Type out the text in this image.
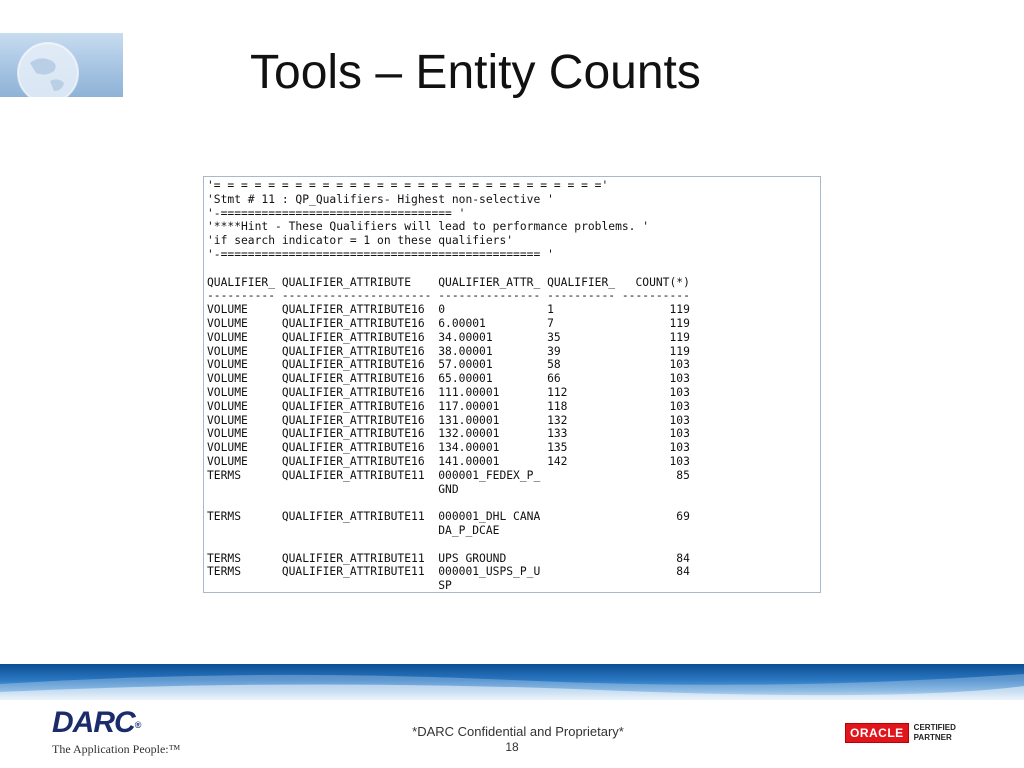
Tools – Entity Counts
'= = = = = = = = = = = = = = = = = = = = = = = = = = = = ='
'Stmt # 11 : QP_Qualifiers- Highest non-selective '
'-================================== '
'****Hint - These Qualifiers will lead to performance problems. '
'if search indicator = 1 on these qualifiers'
'-=============================================== '
QUALIFIER_ QUALIFIER_ATTRIBUTE    QUALIFIER_ATTR_ QUALIFIER_   COUNT(*)
---------- ---------------------- --------------- ---------- ----------
VOLUME     QUALIFIER_ATTRIBUTE16  0               1                 119
VOLUME     QUALIFIER_ATTRIBUTE16  6.00001         7                 119
VOLUME     QUALIFIER_ATTRIBUTE16  34.00001        35                119
VOLUME     QUALIFIER_ATTRIBUTE16  38.00001        39                119
VOLUME     QUALIFIER_ATTRIBUTE16  57.00001        58                103
VOLUME     QUALIFIER_ATTRIBUTE16  65.00001        66                103
VOLUME     QUALIFIER_ATTRIBUTE16  111.00001       112               103
VOLUME     QUALIFIER_ATTRIBUTE16  117.00001       118               103
VOLUME     QUALIFIER_ATTRIBUTE16  131.00001       132               103
VOLUME     QUALIFIER_ATTRIBUTE16  132.00001       133               103
VOLUME     QUALIFIER_ATTRIBUTE16  134.00001       135               103
VOLUME     QUALIFIER_ATTRIBUTE16  141.00001       142               103
TERMS      QUALIFIER_ATTRIBUTE11  000001_FEDEX_P_                    85
GND
TERMS      QUALIFIER_ATTRIBUTE11  000001_DHL CANA                    69
DA_P_DCAE
TERMS      QUALIFIER_ATTRIBUTE11  UPS GROUND                         84
TERMS      QUALIFIER_ATTRIBUTE11  000001_USPS_P_U                    84
SP
DARC®
The Application People:™
*DARC Confidential and Proprietary*
18
ORACLE	CERTIFIED
PARTNER
